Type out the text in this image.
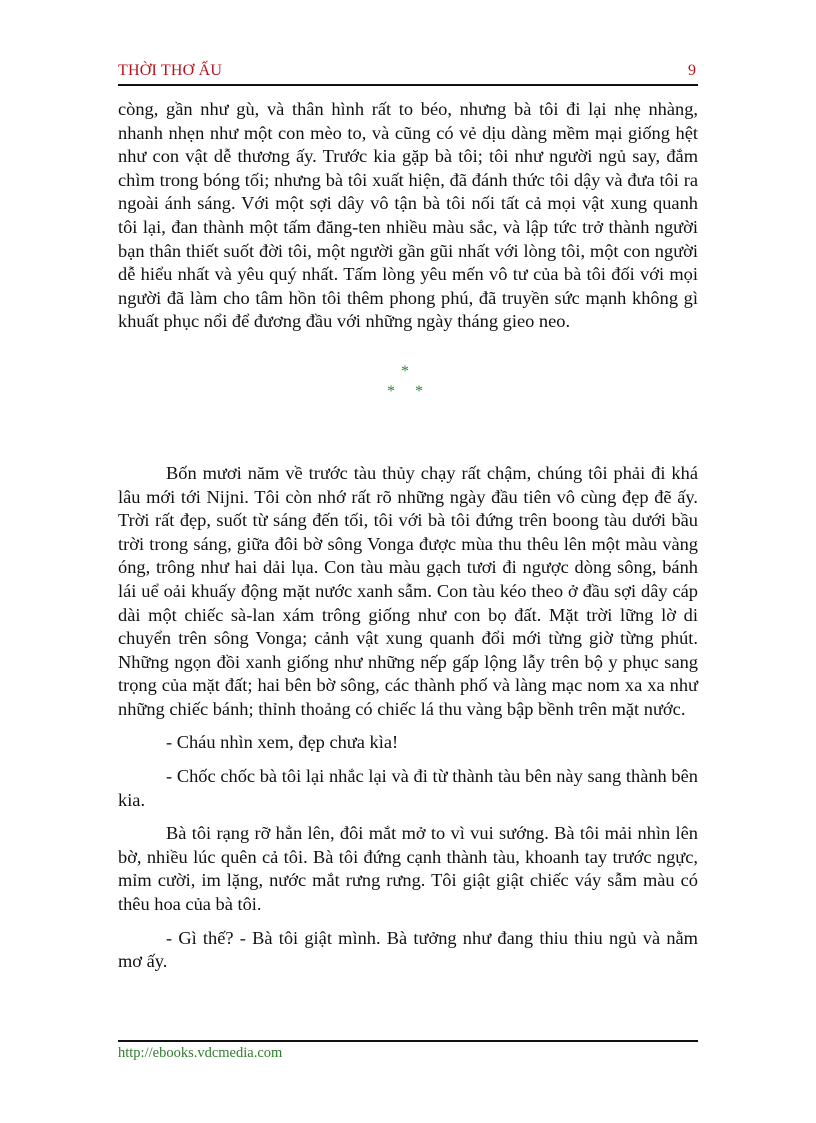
THỜI THƠ ẤU	9

còng, gần như gù, và thân hình rất to béo, nhưng bà tôi đi lại nhẹ nhàng, nhanh nhẹn như một con mèo to, và cũng có vẻ dịu dàng mềm mại giống hệt như con vật dễ thương ấy. Trước kia gặp bà tôi; tôi như người ngủ say, đắm chìm trong bóng tối; nhưng bà tôi xuất hiện, đã đánh thức tôi dậy và đưa tôi ra ngoài ánh sáng. Với một sợi dây vô tận bà tôi nối tất cả mọi vật xung quanh tôi lại, đan thành một tấm đăng-ten nhiều màu sắc, và lập tức trở thành người bạn thân thiết suốt đời tôi, một người gần gũi nhất với lòng tôi, một con người dễ hiểu nhất và yêu quý nhất. Tấm lòng yêu mến vô tư của bà tôi đối với mọi người đã làm cho tâm hồn tôi thêm phong phú, đã truyền sức mạnh không gì khuất phục nổi để đương đầu với những ngày tháng gieo neo.

*
* *

Bốn mươi năm về trước tàu thủy chạy rất chậm, chúng tôi phải đi khá lâu mới tới Nijni. Tôi còn nhớ rất rõ những ngày đầu tiên vô cùng đẹp đẽ ấy. Trời rất đẹp, suốt từ sáng đến tối, tôi với bà tôi đứng trên boong tàu dưới bầu trời trong sáng, giữa đôi bờ sông Vonga được mùa thu thêu lên một màu vàng óng, trông như hai dải lụa. Con tàu màu gạch tươi đi ngược dòng sông, bánh lái uể oải khuấy động mặt nước xanh sẫm. Con tàu kéo theo ở đầu sợi dây cáp dài một chiếc sà-lan xám trông giống như con bọ đất. Mặt trời lững lờ di chuyển trên sông Vonga; cảnh vật xung quanh đổi mới từng giờ từng phút. Những ngọn đồi xanh giống như những nếp gấp lộng lẫy trên bộ y phục sang trọng của mặt đất; hai bên bờ sông, các thành phố và làng mạc nom xa xa như những chiếc bánh; thỉnh thoảng có chiếc lá thu vàng bập bềnh trên mặt nước.

- Cháu nhìn xem, đẹp chưa kìa!

- Chốc chốc bà tôi lại nhắc lại và đi từ thành tàu bên này sang thành bên kia.

Bà tôi rạng rỡ hẳn lên, đôi mắt mở to vì vui sướng. Bà tôi mải nhìn lên bờ, nhiều lúc quên cả tôi. Bà tôi đứng cạnh thành tàu, khoanh tay trước ngực, mỉm cười, im lặng, nước mắt rưng rưng. Tôi giật giật chiếc váy sẫm màu có thêu hoa của bà tôi.

- Gì thế? - Bà tôi giật mình. Bà tưởng như đang thiu thiu ngủ và nằm mơ ấy.

http://ebooks.vdcmedia.com
